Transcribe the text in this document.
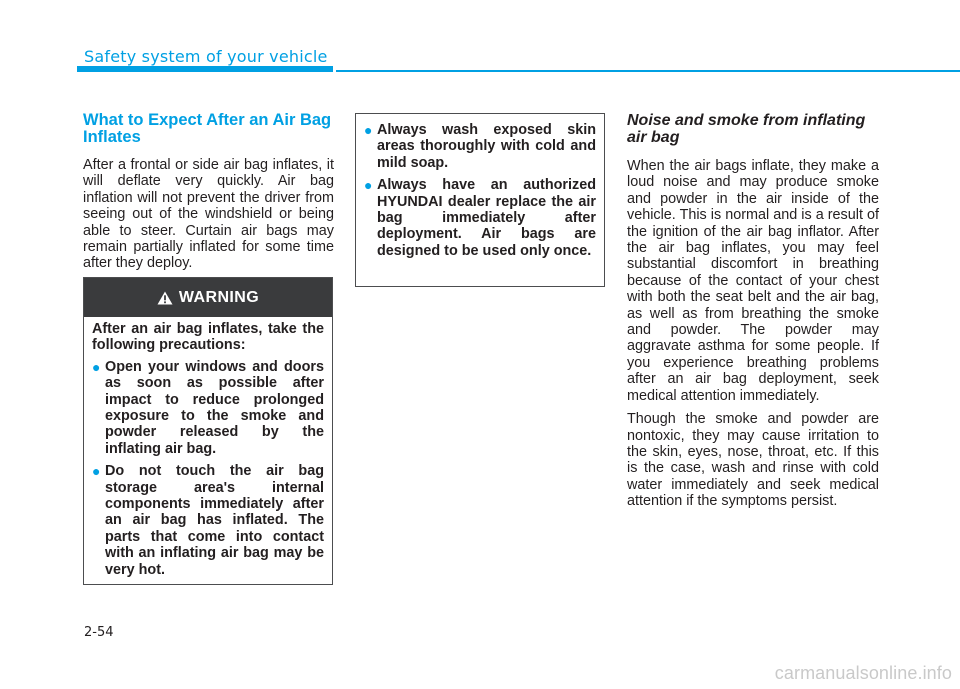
Safety system of your vehicle
What to Expect After an Air Bag Inflates

After a frontal or side air bag inflates, it will deflate very quickly. Air bag inflation will not prevent the driver from seeing out of the windshield or being able to steer. Curtain air bags may remain partially inflated for some time after they deploy.

WARNING

After an air bag inflates, take the following precautions:

● Open your windows and doors as soon as possible after impact to reduce prolonged exposure to the smoke and powder released by the inflating air bag.
● Do not touch the air bag storage area's internal components immediately after an air bag has inflated. The parts that come into contact with an inflating air bag may be very hot.
● Always wash exposed skin areas thoroughly with cold and mild soap.
● Always have an authorized HYUNDAI dealer replace the air bag immediately after deployment. Air bags are designed to be used only once.
Noise and smoke from inflating air bag

When the air bags inflate, they make a loud noise and may produce smoke and powder in the air inside of the vehicle. This is normal and is a result of the ignition of the air bag inflator. After the air bag inflates, you may feel substantial discomfort in breathing because of the contact of your chest with both the seat belt and the air bag, as well as from breathing the smoke and powder. The powder may aggravate asthma for some people. If you experience breathing problems after an air bag deployment, seek medical attention immediately.

Though the smoke and powder are nontoxic, they may cause irritation to the skin, eyes, nose, throat, etc. If this is the case, wash and rinse with cold water immediately and seek medical attention if the symptoms persist.

2-54
carmanualsonline.info
